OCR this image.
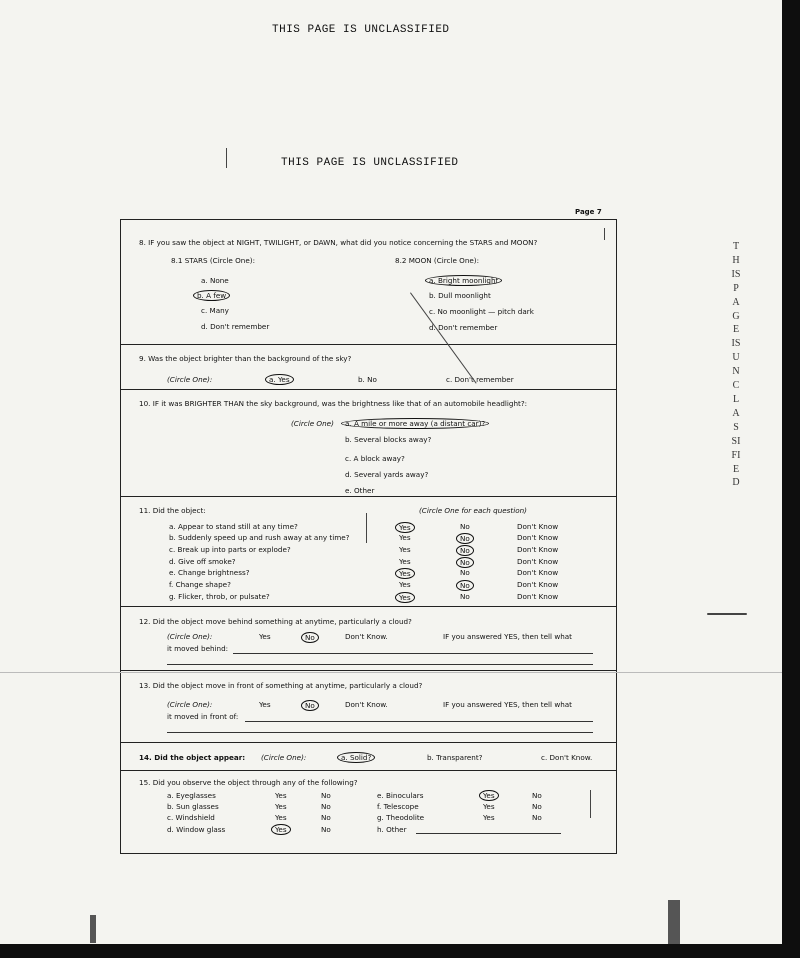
THIS PAGE IS UNCLASSIFIED
THIS PAGE IS UNCLASSIFIED
THIS PAGE IS UNCLASSIFIED
Page 7
8. IF you saw the object at NIGHT, TWILIGHT, or DAWN, what did you notice concerning the STARS and MOON?
8.1 STARS (Circle One):
a. None
b. A few
c. Many
d. Don't remember
8.2 MOON (Circle One):
a. Bright moonlight
b. Dull moonlight
c. No moonlight — pitch dark
d. Don't remember
9. Was the object brighter than the background of the sky?
(Circle One):	a. Yes	b. No	c. Don't remember
10. IF it was BRIGHTER THAN the sky background, was the brightness like that of an automobile headlight?:
(Circle One)	a. A mile or more away (a distant car)?
b. Several blocks away?
c. A block away?
d. Several yards away?
e. Other
11. Did the object:	(Circle One for each question)
a. Appear to stand still at any time?	Yes	No	Don't Know
b. Suddenly speed up and rush away at any time?	Yes	No	Don't Know
c. Break up into parts or explode?	Yes	No	Don't Know
d. Give off smoke?	Yes	No	Don't Know
e. Change brightness?	Yes	No	Don't Know
f. Change shape?	Yes	No	Don't Know
g. Flicker, throb, or pulsate?	Yes	No	Don't Know
12. Did the object move behind something at anytime, particularly a cloud?
(Circle One):	Yes	No	Don't Know.	IF you answered YES, then tell what
it moved behind:
13. Did the object move in front of something at anytime, particularly a cloud?
(Circle One):	Yes	No	Don't Know.	IF you answered YES, then tell what
it moved in front of:
14. Did the object appear: (Circle One):	a. Solid?	b. Transparent?	c. Don't Know.
15. Did you observe the object through any of the following?
a. Eyeglasses	Yes	No
b. Sun glasses	Yes	No
c. Windshield	Yes	No
d. Window glass	Yes	No
e. Binoculars	Yes	No
f. Telescope	Yes	No
g. Theodolite	Yes	No
h. Other
